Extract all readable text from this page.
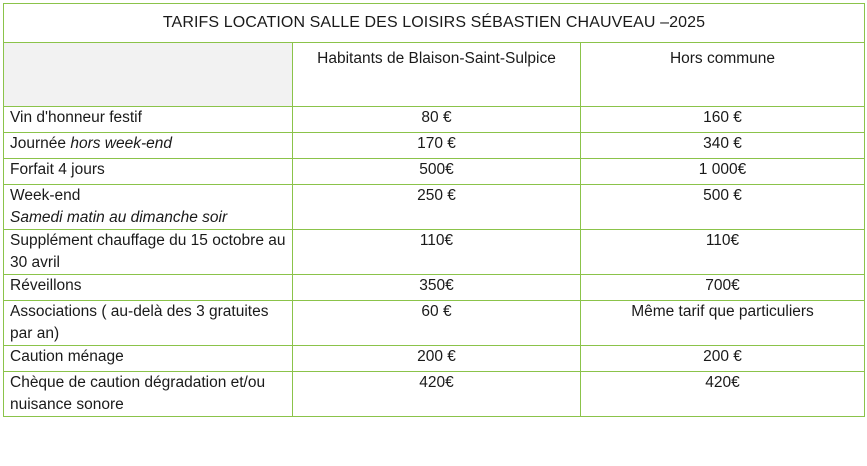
TARIFS LOCATION SALLE DES LOISIRS SÉBASTIEN CHAUVEAU –2025		
	Habitants de Blaison-Saint-Sulpice	Hors commune
Vin d'honneur festif	80 €	160 €
Journée hors week-end	170 €	340 €
Forfait 4 jours	500€	1 000€
Week-end
Samedi matin au dimanche soir	250 €	500 €
Supplément chauffage du 15 octobre au 30 avril	110€	110€
Réveillons	350€	700€
Associations ( au-delà des 3 gratuites par an)	60 €	Même tarif que particuliers
Caution ménage	200 €	200 €
Chèque de caution dégradation et/ou nuisance sonore	420€	420€
